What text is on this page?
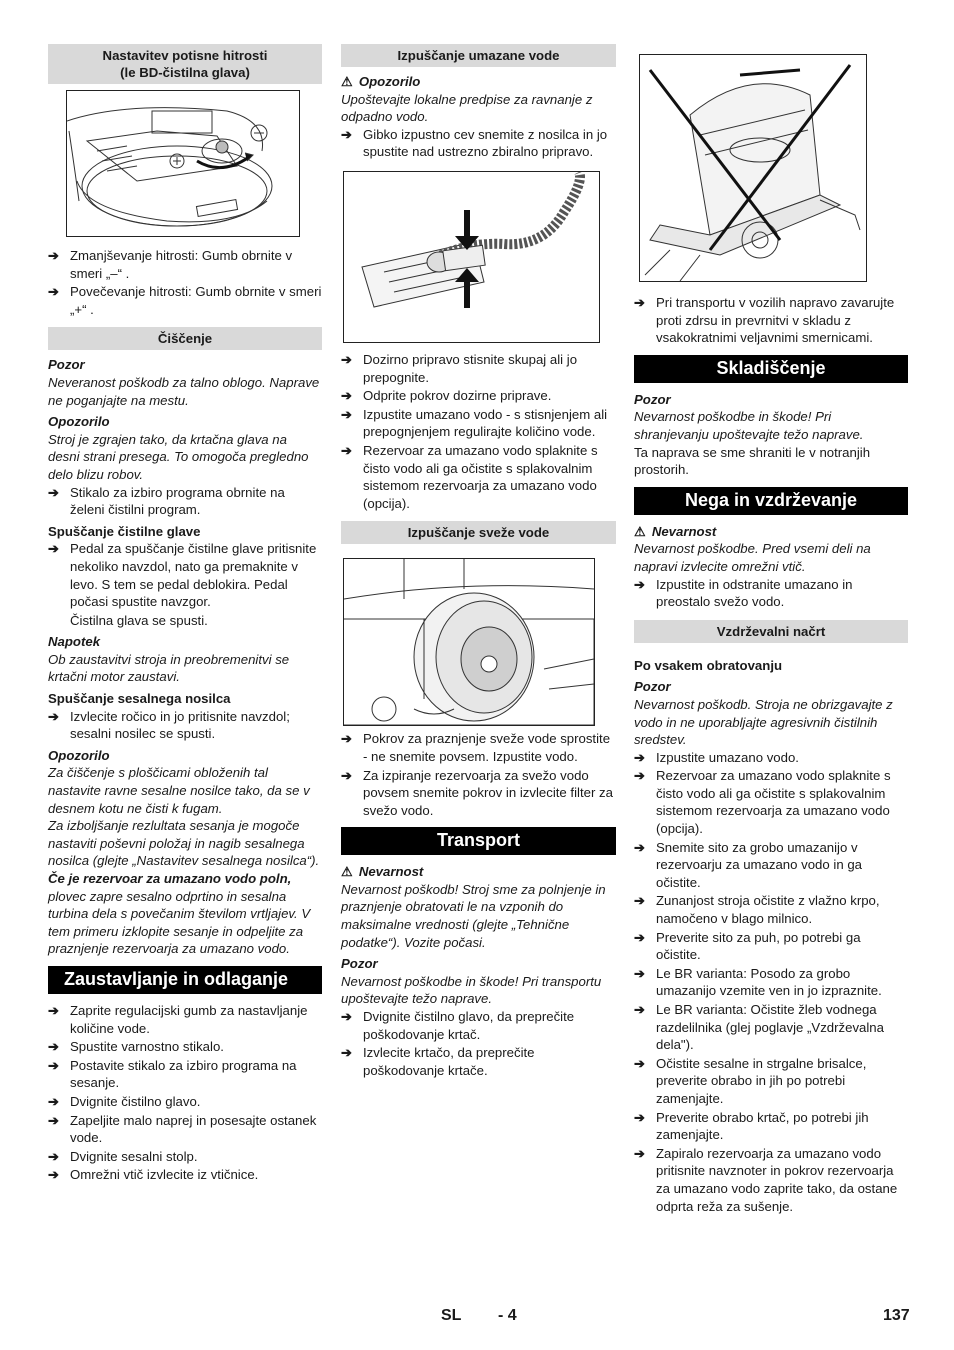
Nastavitev potisne hitrosti
(le BD-čistilna glava)
➔ Zmanjševanje hitrosti: Gumb obrnite v smeri „–“ .
➔ Povečevanje hitrosti: Gumb obrnite v smeri „+“ .
Čiščenje

Pozor

Neveranost poškodb za talno oblogo. Naprave ne poganjajte na mestu.

Opozorilo

Stroj je zgrajen tako, da krtačna glava na desni strani presega. To omogoča pregledno delo blizu robov.

➔ Stikalo za izbiro programa obrnite na želeni čistilni program.

Spuščanje čistilne glave

➔ Pedal za spuščanje čistilne glave pritisnite nekoliko navzdol, nato ga premaknite v levo. S tem se pedal deblokira. Pedal počasi spustite navzgor.

Čistilna glava se spusti.

Napotek

Ob zaustavitvi stroja in preobremenitvi se krtačni motor zaustavi.

Spuščanje sesalnega nosilca

➔ Izvlecite ročico in jo pritisnite navzdol; sesalni nosilec se spusti.

Opozorilo

Za čiščenje s ploščicami obloženih tal nastavite ravne sesalne nosilce tako, da se v desnem kotu ne čisti k fugam.

Za izboljšanje rezlultata sesanja je mogoče nastaviti poševni položaj in nagib sesalnega nosilca (glejte „Nastavitev sesalnega nosilca“).

Če je rezervoar za umazano vodo poln, plovec zapre sesalno odprtino in sesalna turbina dela s povečanim številom vrtljajev. V tem primeru izklopite sesanje in odpeljite za praznjenje rezervoarja za umazano vodo.

Zaustavljanje in odlaganje
➔ Zaprite regulacijski gumb za nastavljanje količine vode.
➔ Spustite varnostno stikalo.
➔ Postavite stikalo za izbiro programa na sesanje.
➔ Dvignite čistilno glavo.
➔ Zapeljite malo naprej in posesajte ostanek vode.
➔ Dvignite sesalni stolp.
➔ Omrežni vtič izvlecite iz vtičnice.
Izpuščanje umazane vode

⚠ Opozorilo

Upoštevajte lokalne predpise za ravnanje z odpadno vodo.

➔ Gibko izpustno cev snemite z nosilca in jo spustite nad ustrezno zbiralno pripravo.
➔ Dozirno pripravo stisnite skupaj ali jo prepognite.
➔ Odprite pokrov dozirne priprave.
➔ Izpustite umazano vodo - s stisnjenjem ali prepognjenjem regulirajte količino vode.
➔ Rezervoar za umazano vodo splaknite s čisto vodo ali ga očistite s splakovalnim sistemom rezervoarja za umazano vodo (opcija).
Izpuščanje sveže vode
➔ Pokrov za praznjenje sveže vode sprostite - ne snemite povsem. Izpustite vodo.
➔ Za izpiranje rezervoarja za svežo vodo povsem snemite pokrov in izvlecite filter za svežo vodo.
Transport

⚠ Nevarnost

Nevarnost poškodb! Stroj sme za polnjenje in praznjenje obratovati le na vzponih do maksimalne vrednosti (glejte „Tehnične podatke“). Vozite počasi.

Pozor

Nevarnost poškodbe in škode! Pri transportu upoštevajte težo naprave.

➔ Dvignite čistilno glavo, da preprečite poškodovanje krtač.
➔ Izvlecite krtačo, da preprečite poškodovanje krtače.
➔ Pri transportu v vozilih napravo zavarujte proti zdrsu in prevrnitvi v skladu z vsakokratnimi veljavnimi smernicami.
Skladiščenje

Pozor

Nevarnost poškodbe in škode! Pri shranjevanju upoštevajte težo naprave.

Ta naprava se sme shraniti le v notranjih prostorih.

Nega in vzdrževanje

⚠ Nevarnost

Nevarnost poškodbe. Pred vsemi deli na napravi izvlecite omrežni vtič.

➔ Izpustite in odstranite umazano in preostalo svežo vodo.
Vzdrževalni načrt

Po vsakem obratovanju

Pozor

Nevarnost poškodb. Stroja ne obrizgavajte z vodo in ne uporabljajte agresivnih čistilnih sredstev.

➔ Izpustite umazano vodo.
➔ Rezervoar za umazano vodo splaknite s čisto vodo ali ga očistite s splakovalnim sistemom rezervoarja za umazano vodo (opcija).
➔ Snemite sito za grobo umazanijo v rezervoarju za umazano vodo in ga očistite.
➔ Zunanjost stroja očistite z vlažno krpo, namočeno v blago milnico.
➔ Preverite sito za puh, po potrebi ga očistite.
➔ Le BR varianta: Posodo za grobo umazanijo vzemite ven in jo izpraznite.
➔ Le BR varianta: Očistite žleb vodnega razdelilnika (glej poglavje „Vzdrževalna dela").
➔ Očistite sesalne in strgalne brisalce, preverite obrabo in jih po potrebi zamenjajte.
➔ Preverite obrabo krtač, po potrebi jih zamenjajte.
➔ Zapiralo rezervoarja za umazano vodo pritisnite navznoter in pokrov rezervoarja za umazano vodo zaprite tako, da ostane odprta reža za sušenje.
SL - 4	137
